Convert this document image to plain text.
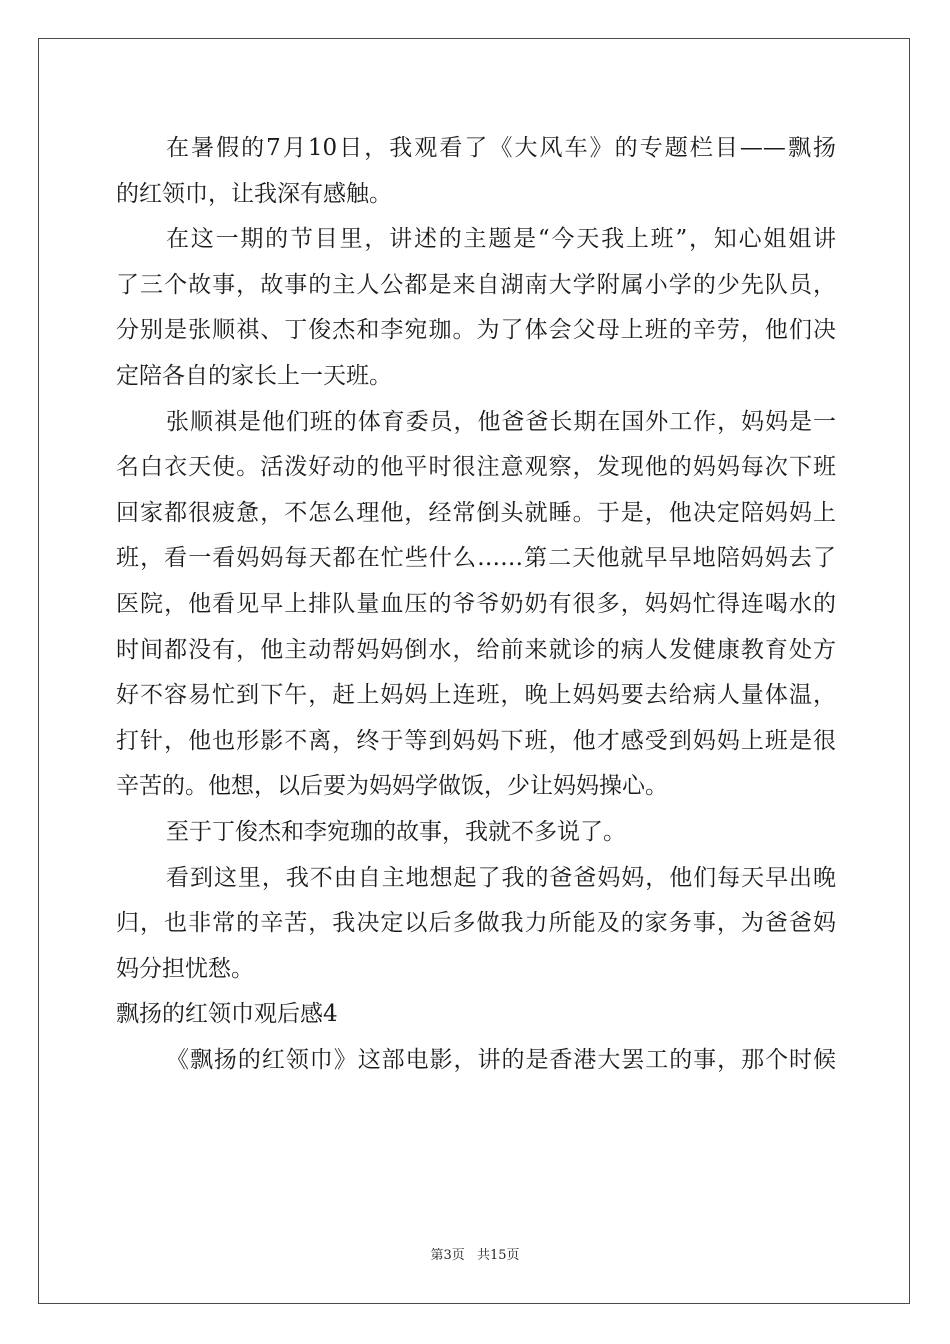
在暑假的7月10日，我观看了《大风车》的专题栏目——飘扬
的红领巾，让我深有感触。
在这一期的节目里，讲述的主题是“今天我上班”，知心姐姐讲
了三个故事，故事的主人公都是来自湖南大学附属小学的少先队员，
分别是张顺祺、丁俊杰和李宛珈。为了体会父母上班的辛劳，他们决
定陪各自的家长上一天班。
张顺祺是他们班的体育委员，他爸爸长期在国外工作，妈妈是一
名白衣天使。活泼好动的他平时很注意观察，发现他的妈妈每次下班
回家都很疲惫，不怎么理他，经常倒头就睡。于是，他决定陪妈妈上
班，看一看妈妈每天都在忙些什么……第二天他就早早地陪妈妈去了
医院，他看见早上排队量血压的爷爷奶奶有很多，妈妈忙得连喝水的
时间都没有，他主动帮妈妈倒水，给前来就诊的病人发健康教育处方
好不容易忙到下午，赶上妈妈上连班，晚上妈妈要去给病人量体温，
打针，他也形影不离，终于等到妈妈下班，他才感受到妈妈上班是很
辛苦的。他想，以后要为妈妈学做饭，少让妈妈操心。
至于丁俊杰和李宛珈的故事，我就不多说了。
看到这里，我不由自主地想起了我的爸爸妈妈，他们每天早出晚
归，也非常的辛苦，我决定以后多做我力所能及的家务事，为爸爸妈
妈分担忧愁。
飘扬的红领巾观后感4
《飘扬的红领巾》这部电影，讲的是香港大罢工的事，那个时候
第3页 共15页
